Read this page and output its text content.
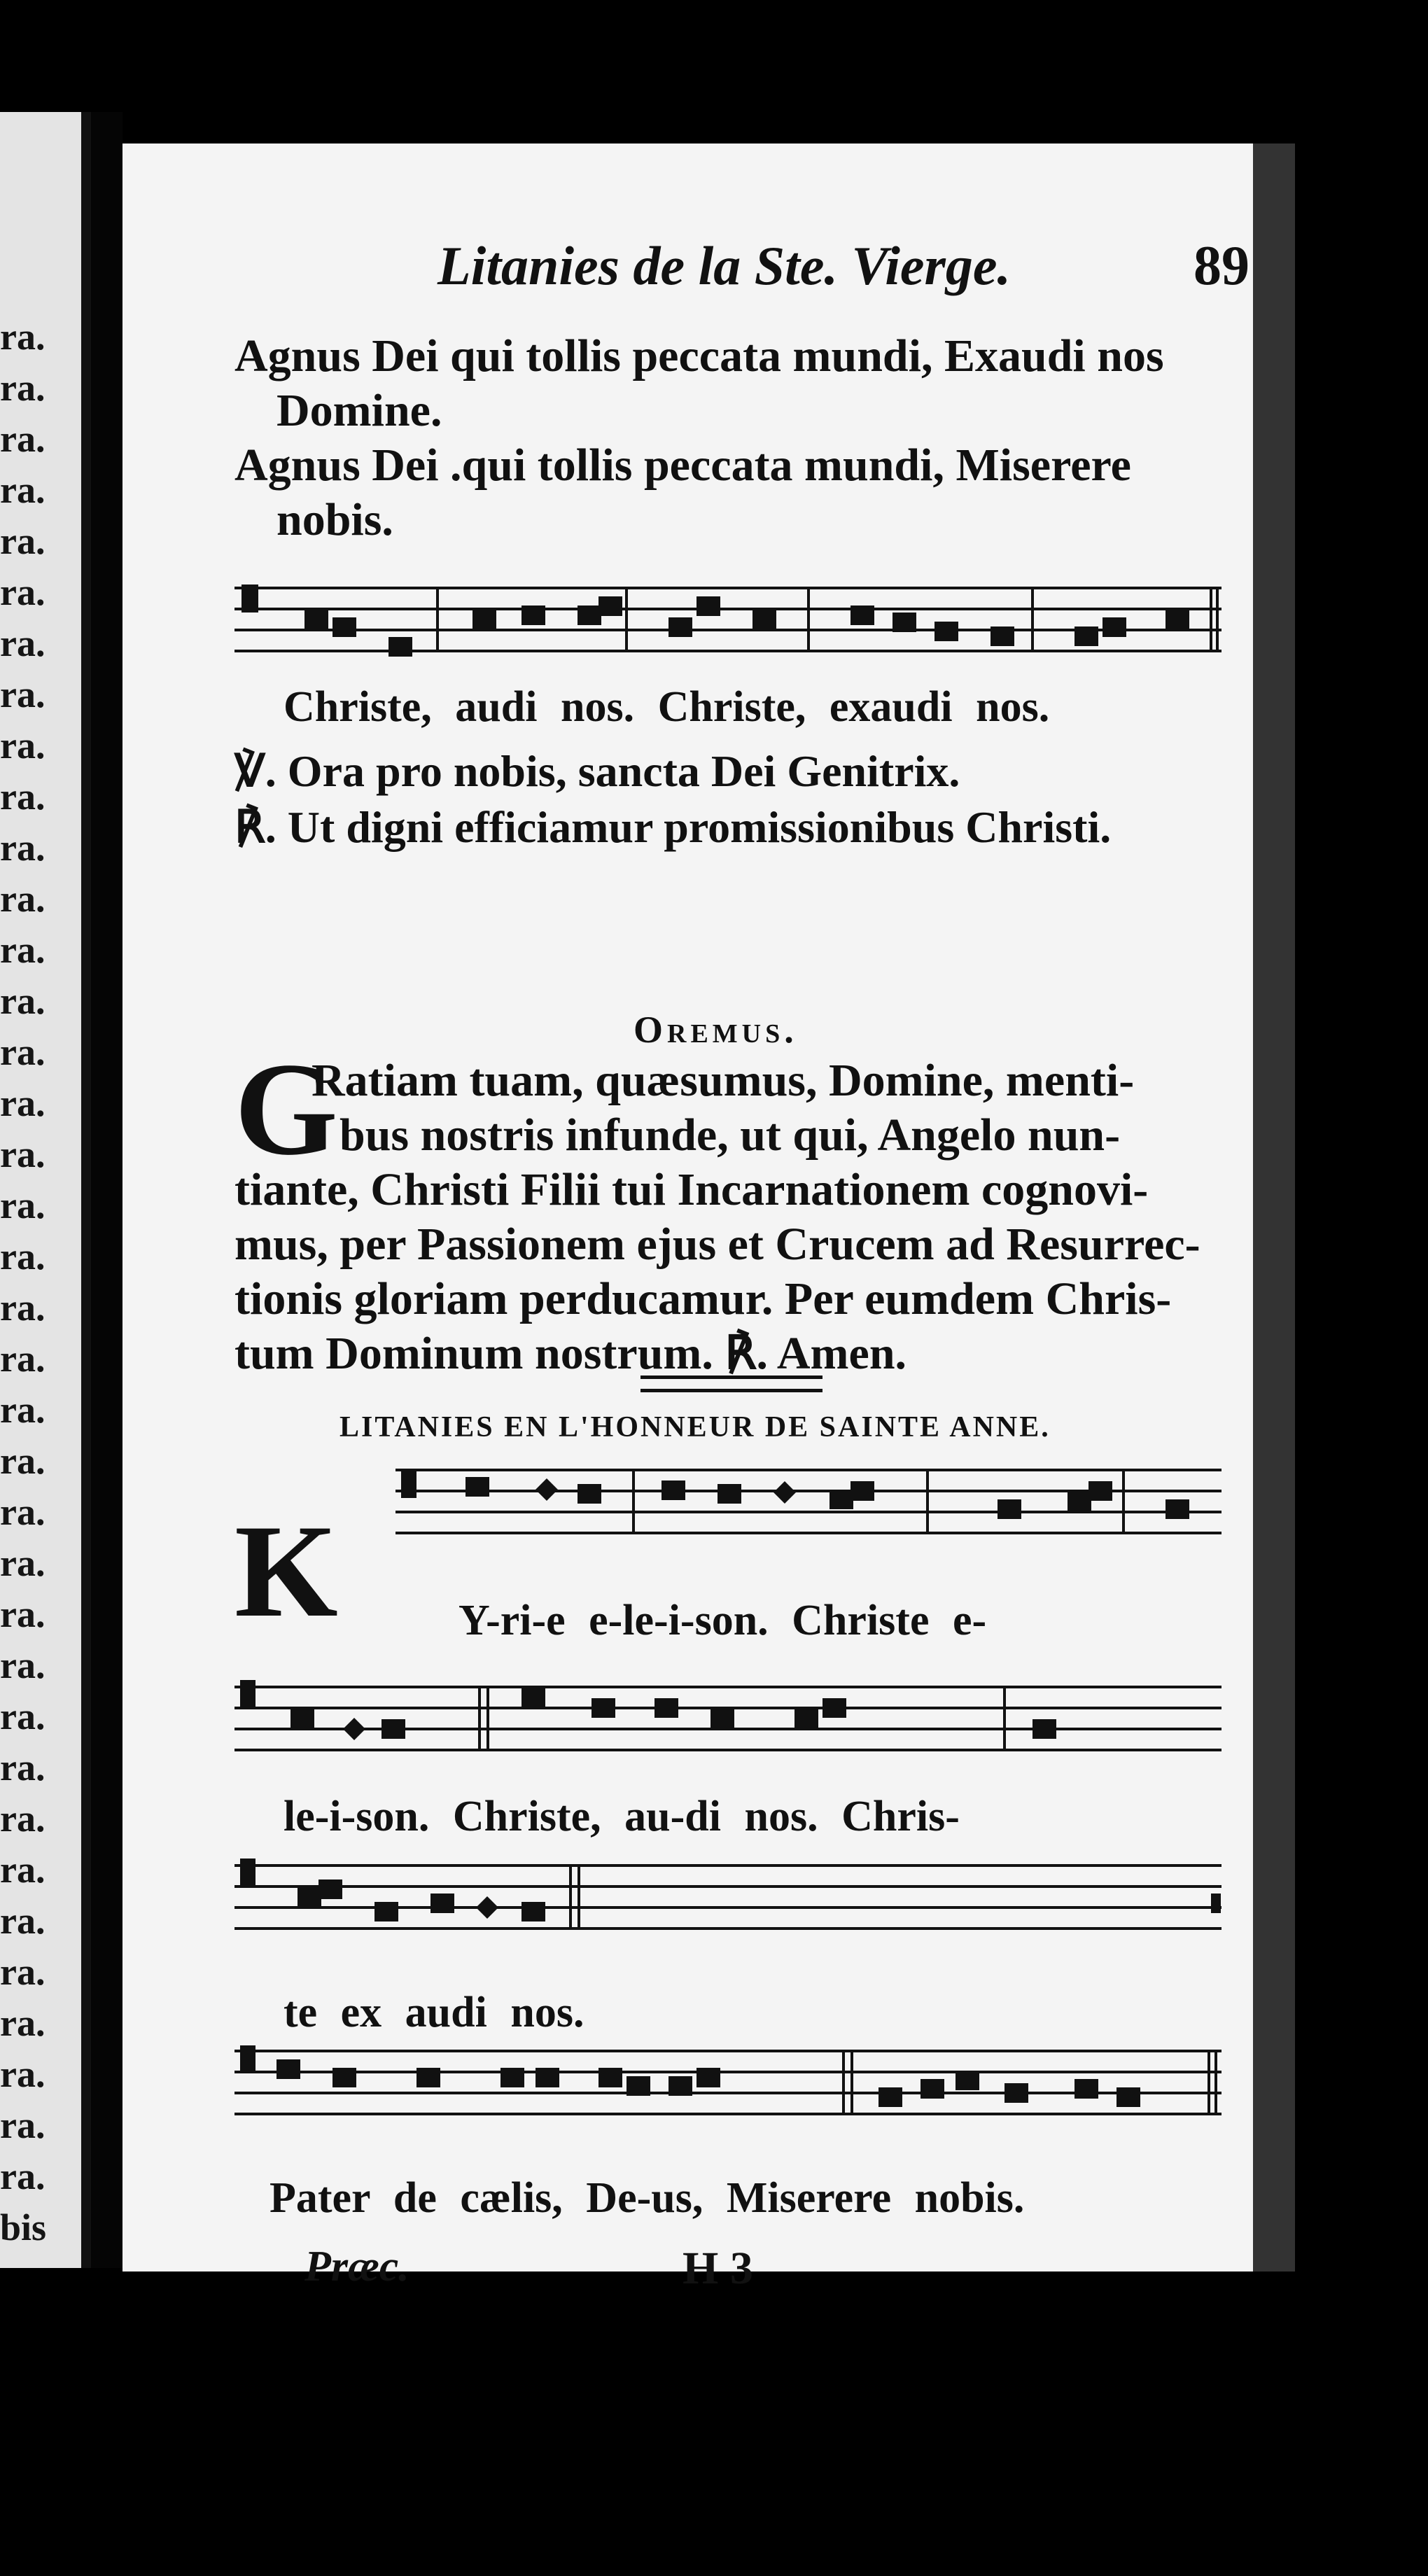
ra.
ra.
ra.
ra.
ra.
ra.
ra.
ra.
ra.
ra.
ra.
ra.
ra.
ra.
ra.
ra.
ra.
ra.
ra.
ra.
ra.
ra.
ra.
ra.
ra.
ra.
ra.
ra.
ra.
ra.
ra.
ra.
ra.
ra.
ra.
ra.
ra.
bis
Litanies de la Ste. Vierge.	89
Agnus Dei qui tollis peccata mundi, Exaudi nos
Domine.
Agnus Dei .qui tollis peccata mundi, Miserere
nobis.
Christe, audi nos. Christe, exaudi nos.
℣. Ora pro nobis, sancta Dei Genitrix.
℟. Ut digni efficiamur promissionibus Christi.
Oremus.
G
Ratiam tuam, quæsumus, Domine, menti-
bus nostris infunde, ut qui, Angelo nun-
tiante, Christi Filii tui Incarnationem cognovi-
mus, per Passionem ejus et Crucem ad Resurrec-
tionis gloriam perducamur. Per eumdem Chris-
tum Dominum nostrum. ℟. Amen.
LITANIES EN L'HONNEUR DE SAINTE ANNE.
K	Y-ri-e e-le-i-son. Christe e-
le-i-son. Christe, au-di nos. Chris-
te ex audi nos.
Pater de cælis, De-us, Miserere nobis.
Præc.	H 3
